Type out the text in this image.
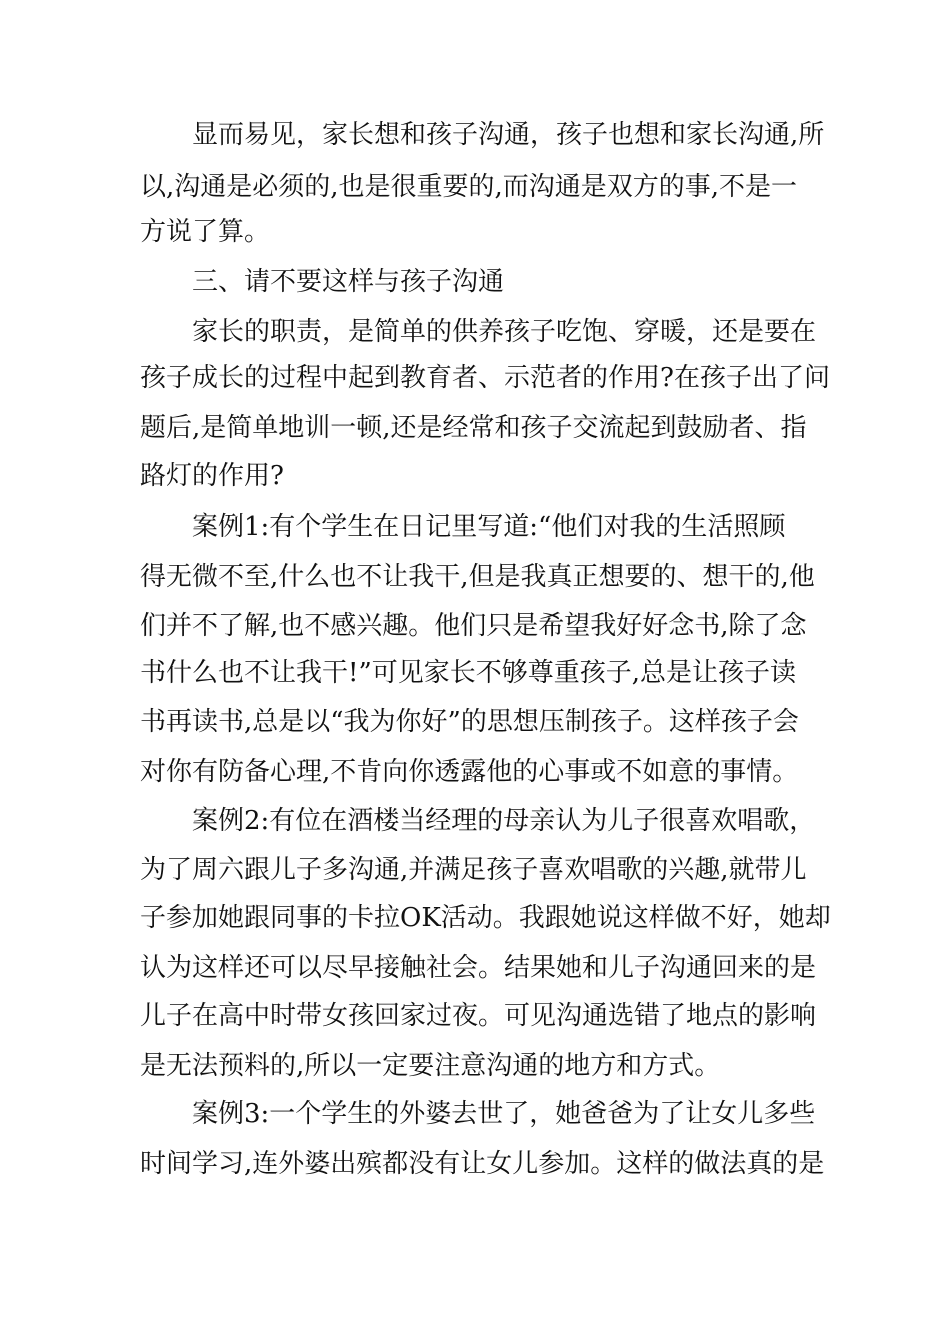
显而易见，家长想和孩子沟通，孩子也想和家长沟通,所
以,沟通是必须的,也是很重要的,而沟通是双方的事,不是一
方说了算。
三、请不要这样与孩子沟通
家长的职责，是简单的供养孩子吃饱、穿暖，还是要在
孩子成长的过程中起到教育者、示范者的作用?在孩子出了问
题后,是简单地训一顿,还是经常和孩子交流起到鼓励者、指
路灯的作用?
案例1:有个学生在日记里写道:“他们对我的生活照顾
得无微不至,什么也不让我干,但是我真正想要的、想干的,他
们并不了解,也不感兴趣。他们只是希望我好好念书,除了念
书什么也不让我干!”可见家长不够尊重孩子,总是让孩子读
书再读书,总是以“我为你好”的思想压制孩子。这样孩子会
对你有防备心理,不肯向你透露他的心事或不如意的事情。
案例2:有位在酒楼当经理的母亲认为儿子很喜欢唱歌，
为了周六跟儿子多沟通,并满足孩子喜欢唱歌的兴趣,就带儿
子参加她跟同事的卡拉OK活动。我跟她说这样做不好，她却
认为这样还可以尽早接触社会。结果她和儿子沟通回来的是
儿子在高中时带女孩回家过夜。可见沟通选错了地点的影响
是无法预料的,所以一定要注意沟通的地方和方式。
案例3:一个学生的外婆去世了，她爸爸为了让女儿多些
时间学习,连外婆出殡都没有让女儿参加。这样的做法真的是
